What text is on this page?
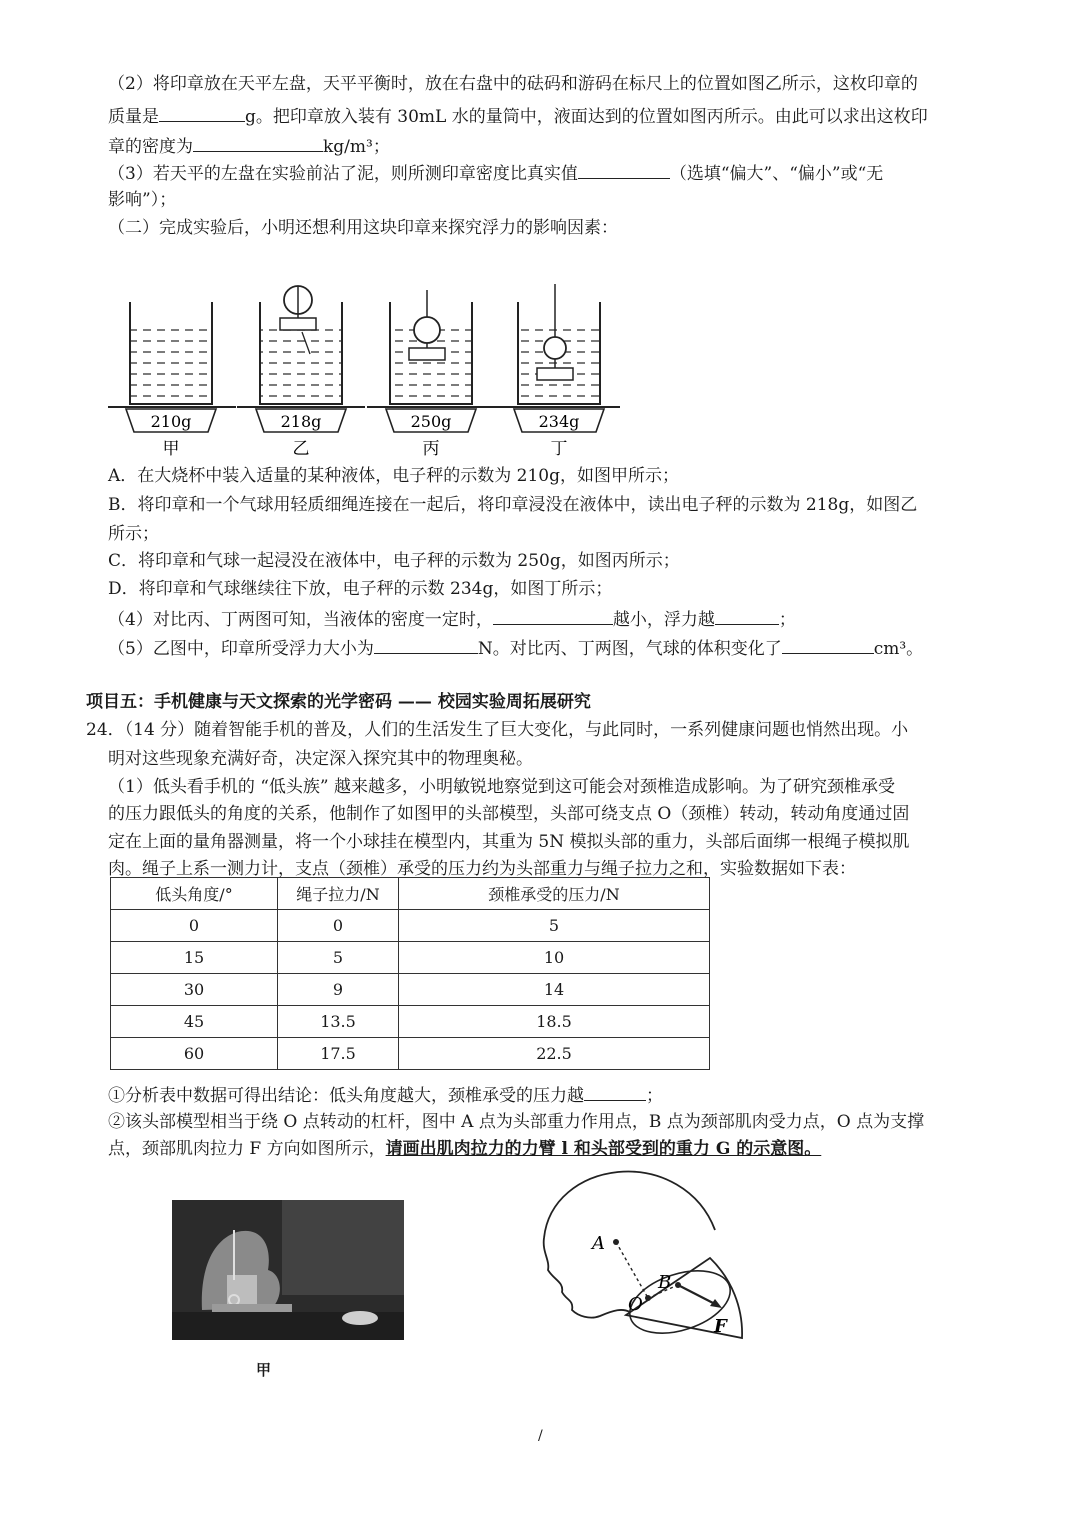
（2）将印章放在天平左盘，天平平衡时，放在右盘中的砝码和游码在标尺上的位置如图乙所示，这枚印章的
质量是	g。把印章放入装有 30mL 水的量筒中，液面达到的位置如图丙所示。由此可以求出这枚印
章的密度为	kg/m³；
（3）若天平的左盘在实验前沾了泥，则所测印章密度比真实值	（选填“偏大”、“偏小”或“无
影响”）；
（二）完成实验后，小明还想利用这块印章来探究浮力的影响因素：
210g	218g	250g	234g
甲	乙	丙	丁
A．在大烧杯中装入适量的某种液体，电子秤的示数为 210g，如图甲所示；
B．将印章和一个气球用轻质细绳连接在一起后，将印章浸没在液体中，读出电子秤的示数为 218g，如图乙
所示；
C．将印章和气球一起浸没在液体中，电子秤的示数为 250g，如图丙所示；
D．将印章和气球继续往下放，电子秤的示数 234g，如图丁所示；
（4）对比丙、丁两图可知，当液体的密度一定时，	越小，浮力越	；
（5）乙图中，印章所受浮力大小为	N。对比丙、丁两图，气球的体积变化了	cm³。
项目五：手机健康与天文探索的光学密码 —— 校园实验周拓展研究
24．（14 分）随着智能手机的普及，人们的生活发生了巨大变化，与此同时，一系列健康问题也悄然出现。小
明对这些现象充满好奇，决定深入探究其中的物理奥秘。
（1）低头看手机的 “低头族” 越来越多，小明敏锐地察觉到这可能会对颈椎造成影响。为了研究颈椎承受
的压力跟低头的角度的关系，他制作了如图甲的头部模型，头部可绕支点 O（颈椎）转动，转动角度通过固
定在上面的量角器测量，将一个小球挂在模型内，其重为 5N 模拟头部的重力，头部后面绑一根绳子模拟肌
肉。绳子上系一测力计，支点（颈椎）承受的压力约为头部重力与绳子拉力之和，实验数据如下表：
低头角度/°	绳子拉力/N	颈椎承受的压力/N
0	0	5
15	5	10
30	9	14
45	13.5	18.5
60	17.5	22.5
①分析表中数据可得出结论：低头角度越大，颈椎承受的压力越	；
②该头部模型相当于绕 O 点转动的杠杆，图中 A 点为头部重力作用点，B 点为颈部肌肉受力点，O 点为支撑
点，颈部肌肉拉力 F 方向如图所示，请画出肌肉拉力的力臂 l 和头部受到的重力 G 的示意图。
甲
A
B
O
F
/
